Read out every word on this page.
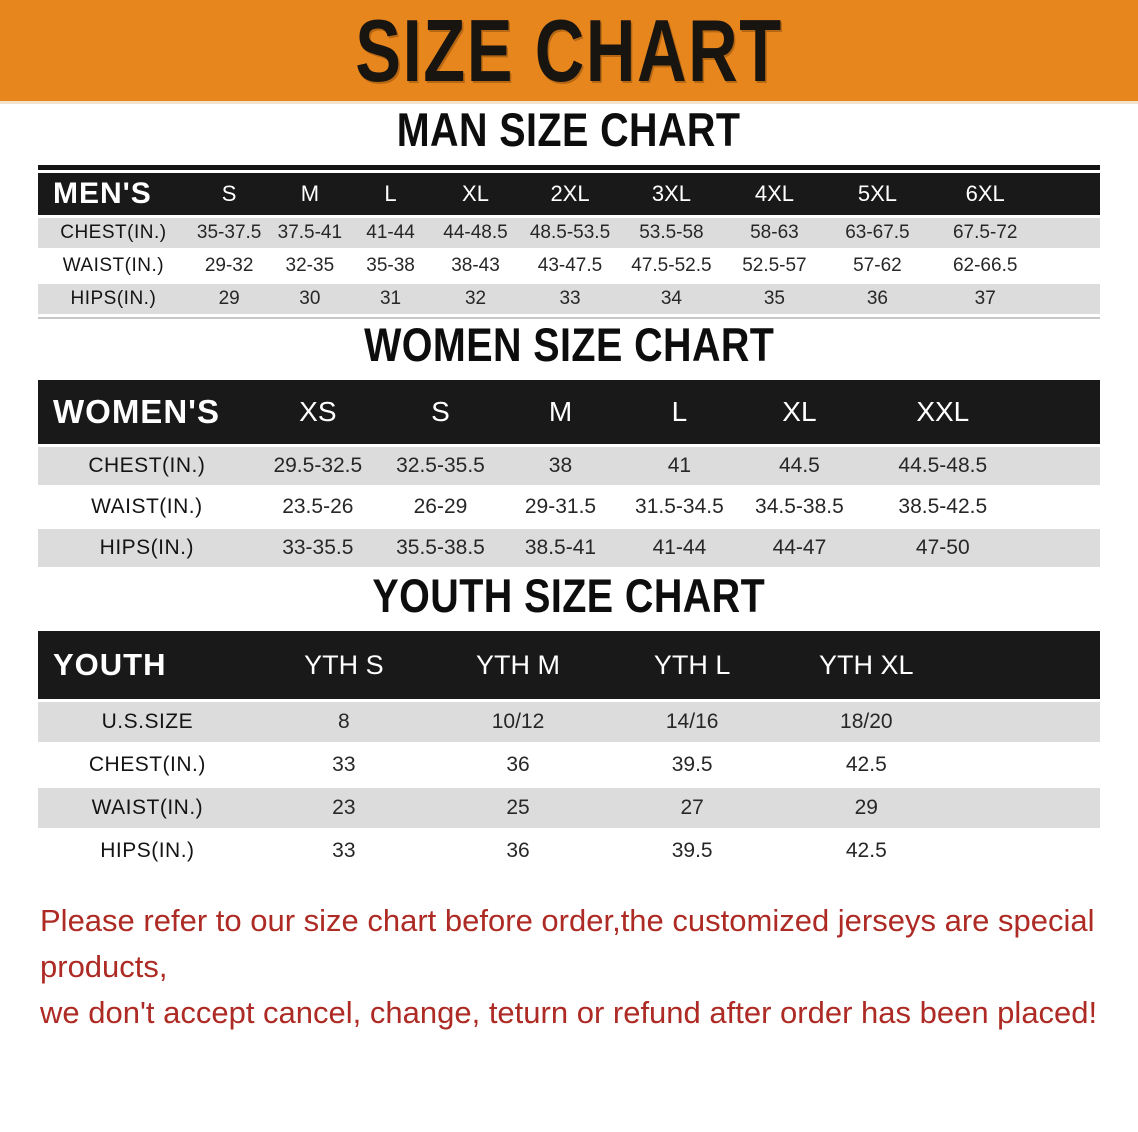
SIZE CHART
MAN SIZE CHART
MEN'S	S	M	L	XL	2XL	3XL	4XL	5XL	6XL	
CHEST(IN.)	35-37.5	37.5-41	41-44	44-48.5	48.5-53.5	53.5-58	58-63	63-67.5	67.5-72	
WAIST(IN.)	29-32	32-35	35-38	38-43	43-47.5	47.5-52.5	52.5-57	57-62	62-66.5	
HIPS(IN.)	29	30	31	32	33	34	35	36	37	
WOMEN SIZE CHART
WOMEN'S	XS	S	M	L	XL	XXL	
CHEST(IN.)	29.5-32.5	32.5-35.5	38	41	44.5	44.5-48.5	
WAIST(IN.)	23.5-26	26-29	29-31.5	31.5-34.5	34.5-38.5	38.5-42.5	
HIPS(IN.)	33-35.5	35.5-38.5	38.5-41	41-44	44-47	47-50	
YOUTH SIZE CHART
YOUTH	YTH S	YTH M	YTH L	YTH XL	
U.S.SIZE	8	10/12	14/16	18/20	
CHEST(IN.)	33	36	39.5	42.5	
WAIST(IN.)	23	25	27	29	
HIPS(IN.)	33	36	39.5	42.5	
Please refer to our size chart before order,the customized jerseys are special products,
we don't accept cancel, change, teturn or refund after order has been placed!
